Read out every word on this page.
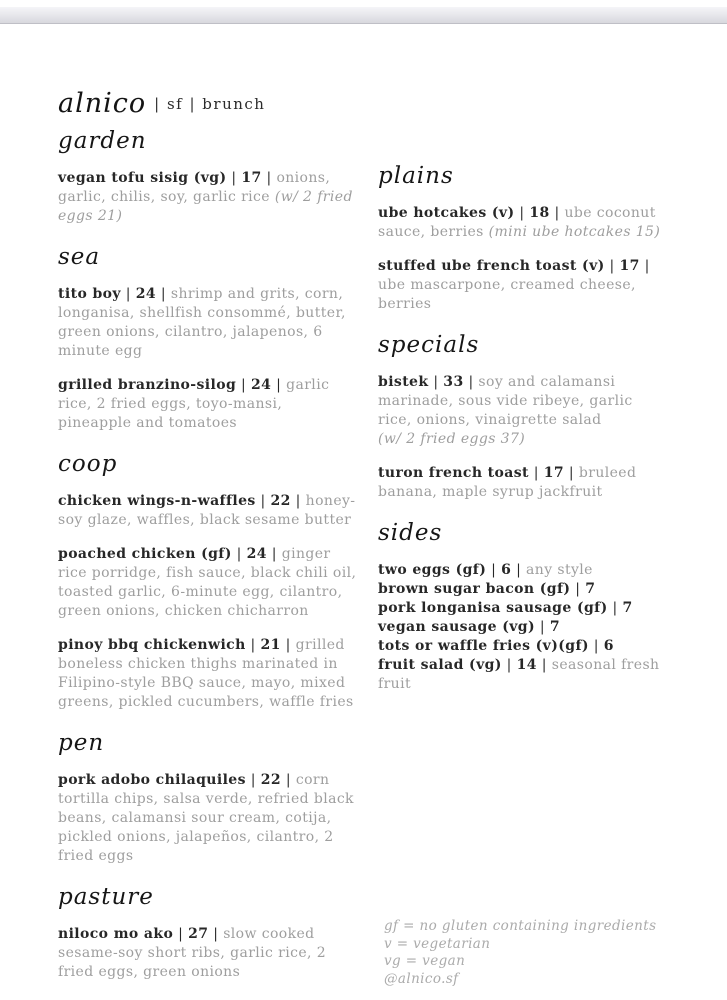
alnico | sf | brunch
garden

vegan tofu sisig (vg) | 17 | onions, garlic, chilis, soy, garlic rice (w/ 2 fried eggs 21)

sea

tito boy | 24 | shrimp and grits, corn, longanisa, shellfish consommé, butter, green onions, cilantro, jalapenos, 6 minute egg

grilled branzino-silog | 24 | garlic rice, 2 fried eggs, toyo-mansi, pineapple and tomatoes

coop

chicken wings-n-waffles | 22 | honey-soy glaze, waffles, black sesame butter

poached chicken (gf) | 24 | ginger rice porridge, fish sauce, black chili oil, toasted garlic, 6-minute egg, cilantro, green onions, chicken chicharron

pinoy bbq chickenwich | 21 | grilled boneless chicken thighs marinated in Filipino-style BBQ sauce, mayo, mixed greens, pickled cucumbers, waffle fries

pen

pork adobo chilaquiles | 22 | corn tortilla chips, salsa verde, refried black beans, calamansi sour cream, cotija, pickled onions, jalapeños, cilantro, 2 fried eggs

pasture

niloco mo ako | 27 | slow cooked sesame-soy short ribs, garlic rice, 2 fried eggs, green onions

plains

ube hotcakes (v) | 18 | ube coconut sauce, berries (mini ube hotcakes 15)

stuffed ube french toast (v) | 17 | ube mascarpone, creamed cheese, berries

specials

bistek | 33 | soy and calamansi marinade, sous vide ribeye, garlic rice, onions, vinaigrette salad
(w/ 2 fried eggs 37)

turon french toast | 17 | bruleed banana, maple syrup jackfruit

sides

two eggs (gf) | 6 | any style

brown sugar bacon (gf) | 7

pork longanisa sausage (gf) | 7

vegan sausage (vg) | 7

tots or waffle fries (v)(gf) | 6

fruit salad (vg) | 14 | seasonal fresh fruit

gf = no gluten containing ingredients

v = vegetarian

vg = vegan

@alnico.sf
